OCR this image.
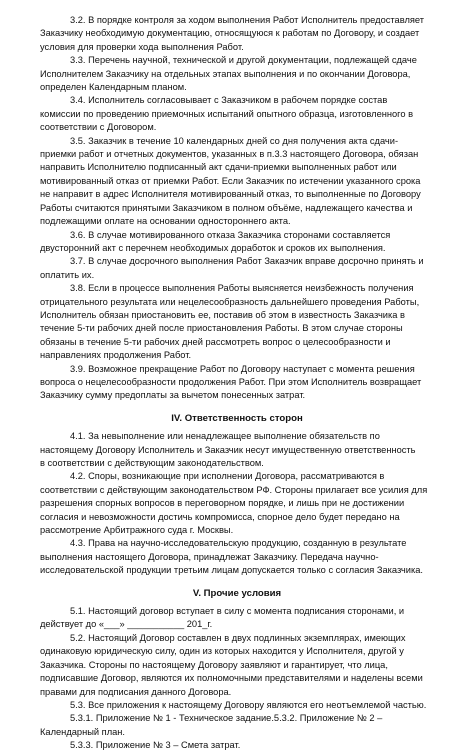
3.2. В порядке контроля за ходом выполнения Работ Исполнитель предоставляет
Заказчику необходимую документацию, относящуюся к работам по Договору, и создает
условия для проверки хода выполнения Работ.
3.3. Перечень научной, технической и другой документации, подлежащей сдаче
Исполнителем Заказчику на отдельных этапах выполнения и по окончании Договора,
определен Календарным планом.
3.4. Исполнитель согласовывает с Заказчиком в рабочем порядке состав
комиссии по проведению приемочных испытаний опытного образца, изготовленного в
соответствии с Договором.
3.5. Заказчик в течение 10 календарных дней со дня получения акта сдачи-
приемки работ и отчетных документов, указанных в п.3.3 настоящего Договора, обязан
направить Исполнителю подписанный акт сдачи-приемки выполненных работ или
мотивированный отказ от приемки Работ. Если Заказчик по истечении указанного срока
не направит в адрес Исполнителя мотивированный отказ, то выполненные по Договору
Работы считаются принятыми Заказчиком в полном объёме, надлежащего качества и
подлежащими оплате на основании одностороннего акта.
3.6. В случае мотивированного отказа Заказчика сторонами составляется
двусторонний акт с перечнем необходимых доработок и сроков их выполнения.
3.7. В случае досрочного выполнения Работ Заказчик вправе досрочно принять и
оплатить их.
3.8. Если в процессе выполнения Работы выясняется неизбежность получения
отрицательного результата или нецелесообразность дальнейшего проведения Работы,
Исполнитель обязан приостановить ее, поставив об этом в известность Заказчика в
течение 5-ти рабочих дней после приостановления Работы. В этом случае стороны
обязаны в течение 5-ти рабочих дней рассмотреть вопрос о целесообразности и
направлениях продолжения Работ.
3.9. Возможное прекращение Работ по Договору наступает с момента решения
вопроса о нецелесообразности продолжения Работ. При этом Исполнитель возвращает
Заказчику сумму предоплаты за вычетом понесенных затрат.
IV. Ответственность сторон
4.1. За невыполнение или ненадлежащее выполнение обязательств по
настоящему Договору Исполнитель и Заказчик несут имущественную ответственность
в соответствии с действующим законодательством.
4.2. Споры, возникающие при исполнении Договора, рассматриваются в
соответствии с действующим законодательством РФ. Стороны прилагает все усилия для
разрешения спорных вопросов в переговорном порядке, и лишь при не достижении
согласия и невозможности достичь компромисса, спорное дело будет передано на
рассмотрение Арбитражного суда г. Москвы.
4.3. Права на научно-исследовательскую продукцию, созданную в результате
выполнения настоящего Договора, принадлежат Заказчику. Передача научно-
исследовательской продукции третьим лицам допускается только с согласия Заказчика.
V. Прочие условия
5.1. Настоящий договор вступает в силу с момента подписания сторонами, и
действует до «___» ___________ 201_г.
5.2. Настоящий Договор составлен в двух подлинных экземплярах, имеющих
одинаковую юридическую силу, один из которых находится у Исполнителя, другой у
Заказчика. Стороны по настоящему Договору заявляют и гарантирует, что лица,
подписавшие Договор, являются их полномочными представителями и наделены всеми
правами для подписания данного Договора.
5.3. Все приложения к настоящему Договору являются его неотъемлемой частью.
5.3.1. Приложение № 1 - Техническое задание.5.3.2. Приложение № 2 –
Календарный план.
5.3.3. Приложение № 3 – Смета затрат.
